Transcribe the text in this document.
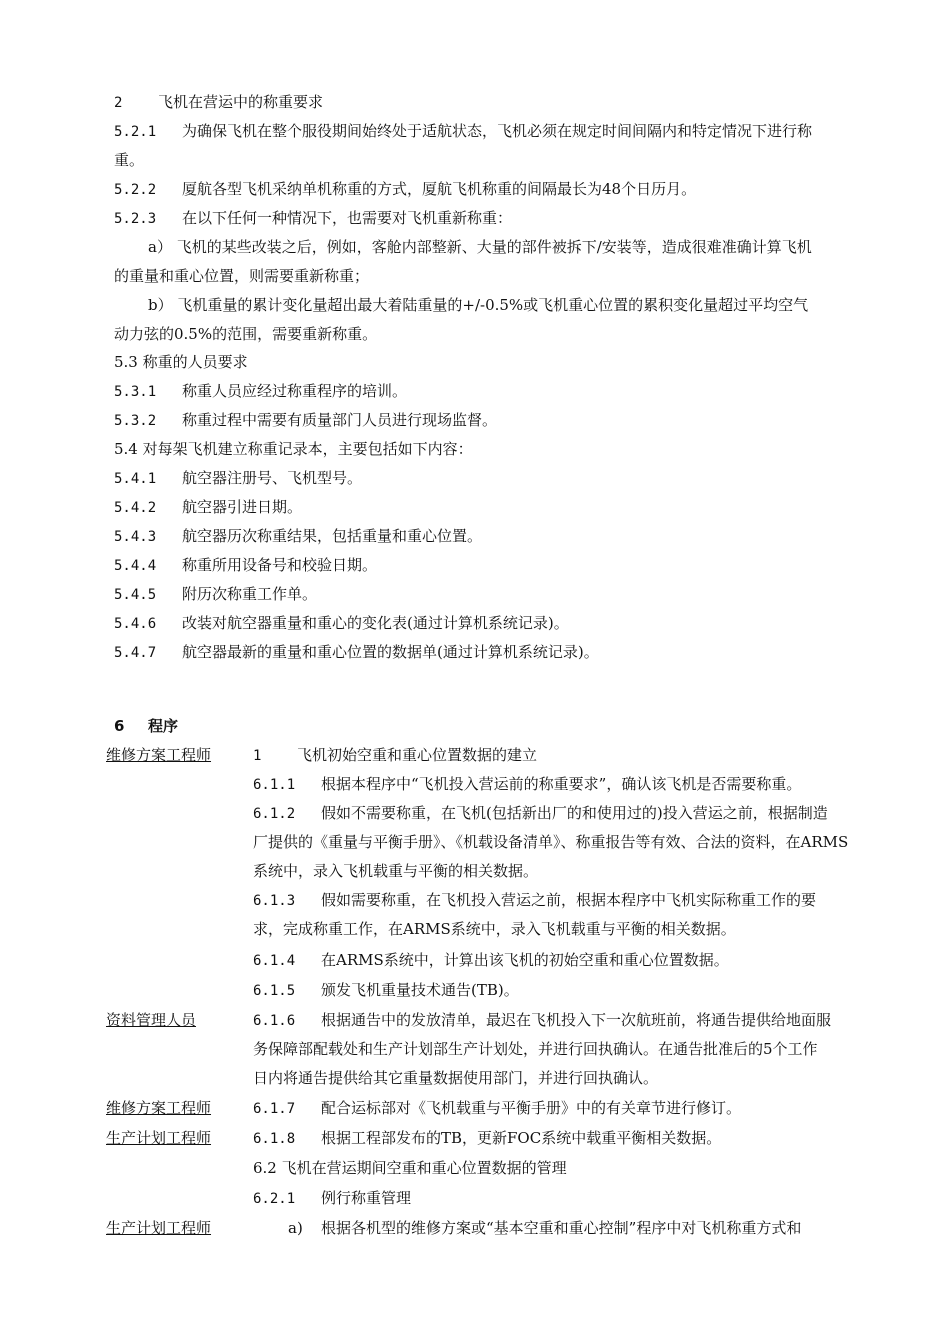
2 飞机在营运中的称重要求
5.2.1 为确保飞机在整个服役期间始终处于适航状态，飞机必须在规定时间间隔内和特定情况下进行称
重。
5.2.2 厦航各型飞机采纳单机称重的方式，厦航飞机称重的间隔最长为48个日历月。
5.2.3 在以下任何一种情况下，也需要对飞机重新称重：
a） 飞机的某些改装之后，例如，客舱内部整新、大量的部件被拆下/安装等，造成很难准确计算飞机
的重量和重心位置，则需要重新称重；
b） 飞机重量的累计变化量超出最大着陆重量的+/-0.5%或飞机重心位置的累积变化量超过平均空气
动力弦的0.5%的范围，需要重新称重。
5.3 称重的人员要求
5.3.1 称重人员应经过称重程序的培训。
5.3.2 称重过程中需要有质量部门人员进行现场监督。
5.4 对每架飞机建立称重记录本，主要包括如下内容：
5.4.1 航空器注册号、飞机型号。
5.4.2 航空器引进日期。
5.4.3 航空器历次称重结果，包括重量和重心位置。
5.4.4 称重所用设备号和校验日期。
5.4.5 附历次称重工作单。
5.4.6 改装对航空器重量和重心的变化表(通过计算机系统记录)。
5.4.7 航空器最新的重量和重心位置的数据单(通过计算机系统记录)。
6 程序
维修方案工程师	1 飞机初始空重和重心位置数据的建立
6.1.1 根据本程序中“飞机投入营运前的称重要求”，确认该飞机是否需要称重。
6.1.2 假如不需要称重，在飞机(包括新出厂的和使用过的)投入营运之前，根据制造
厂提供的《重量与平衡手册》、《机载设备清单》、称重报告等有效、合法的资料，在ARMS
系统中，录入飞机载重与平衡的相关数据。
6.1.3 假如需要称重，在飞机投入营运之前，根据本程序中飞机实际称重工作的要
求，完成称重工作，在ARMS系统中，录入飞机载重与平衡的相关数据。
6.1.4 在ARMS系统中，计算出该飞机的初始空重和重心位置数据。
6.1.5 颁发飞机重量技术通告(TB)。
资料管理人员	6.1.6 根据通告中的发放清单，最迟在飞机投入下一次航班前，将通告提供给地面服
务保障部配载处和生产计划部生产计划处，并进行回执确认。在通告批准后的5个工作
日内将通告提供给其它重量数据使用部门，并进行回执确认。
维修方案工程师	6.1.7 配合运标部对《飞机载重与平衡手册》中的有关章节进行修订。
生产计划工程师	6.1.8 根据工程部发布的TB，更新FOC系统中载重平衡相关数据。
6.2 飞机在营运期间空重和重心位置数据的管理
6.2.1 例行称重管理
生产计划工程师	a) 根据各机型的维修方案或“基本空重和重心控制”程序中对飞机称重方式和
